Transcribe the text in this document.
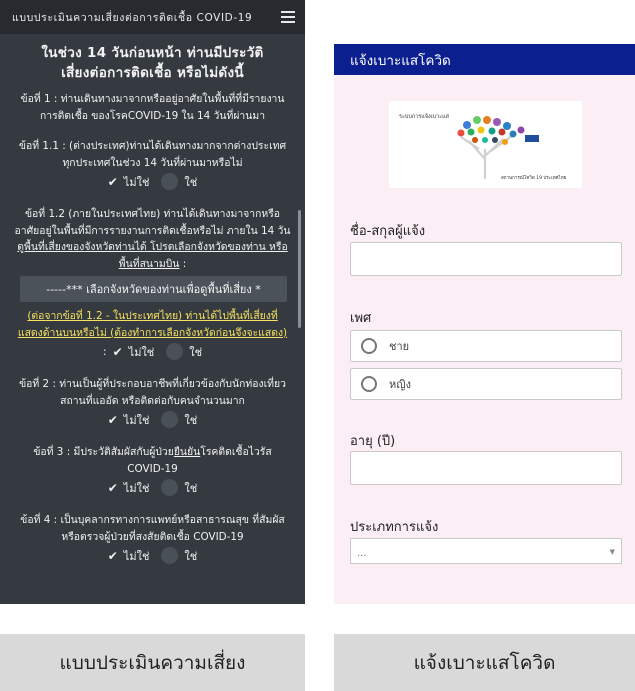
แบบประเมินความเสี่ยงต่อการติดเชื้อ COVID-19
ในช่วง 14 วันก่อนหน้า ท่านมีประวัติ
เสี่ยงต่อการติดเชื้อ หรือไม่ดังนี้
ข้อที่ 1 : ท่านเดินทางมาจากหรืออยู่อาศัยในพื้นที่ที่มีรายงานการติดเชื้อ ของโรคCOVID-19 ใน 14 วันที่ผ่านมา
ข้อที่ 1.1 : (ต่างประเทศ)ท่านได้เดินทางมากจากต่างประเทศ ทุกประเทศในช่วง 14 วันที่ผ่านมาหรือไม่
✔ ไม่ใช่	ใช่
ข้อที่ 1.2 (ภายในประเทศไทย) ท่านได้เดินทางมาจากหรืออาศัยอยู่ในพื้นที่มีการรายงานการติดเชื้อหรือไม่ ภายใน 14 วัน ดูพื้นที่เสี่ยงของจังหวัดท่านได้ โปรดเลือกจังหวัดของท่าน หรือพื้นที่สนามบิน :
-----*** เลือกจังหวัดของท่านเพื่อดูพื้นที่เสี่ยง *
(ต่อจากข้อที่ 1.2 - ในประเทศไทย) ท่านได้ไปพื้นที่เสี่ยงที่แสดงด้านบนหรือไม่ (ต้องทำการเลือกจังหวัดก่อนจึงจะแสดง)
: ✔ ไม่ใช่	ใช่
ข้อที่ 2 : ท่านเป็นผู้ที่ประกอบอาชีพที่เกี่ยวข้องกับนักท่องเที่ยว สถานที่แออัด หรือติดต่อกับคนจำนวนมาก
✔ ไม่ใช่	ใช่
ข้อที่ 3 : มีประวัติสัมผัสกับผู้ป่วยยืนยันโรคติดเชื้อไวรัส COVID-19
✔ ไม่ใช่	ใช่
ข้อที่ 4 : เป็นบุคลากรทางการแพทย์หรือสาธารณสุข ที่สัมผัสหรือตรวจผู้ป่วยที่สงสัยติดเชื้อ COVID-19
✔ ไม่ใช่	ใช่
แจ้งเบาะแสโควิด
ระบบการแจ้งเบาะแส
สถานการณ์โควิด 19 ประเทศไทย
ชื่อ-สกุลผู้แจ้ง
เพศ
ชาย
หญิง
อายุ (ปี)
ประเภทการแจ้ง
...	▼
แบบประเมินความเสี่ยง	แจ้งเบาะแสโควิด
